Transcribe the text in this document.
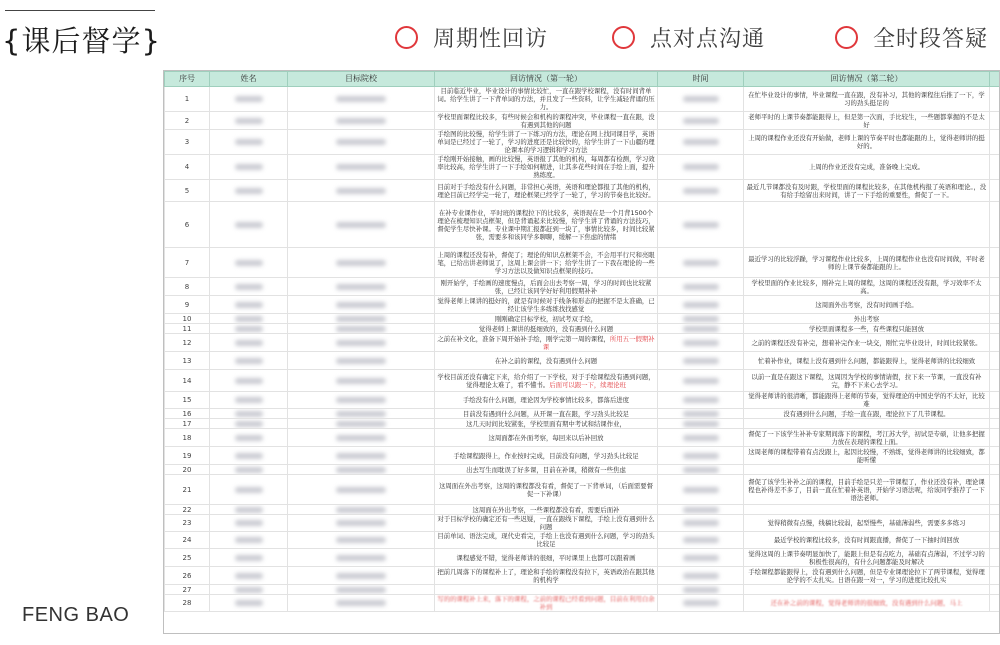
{课后督学}
FENG BAO
周期性回访	点对点沟通	全时段答疑
序号	姓名	目标院校	回访情况（第一轮）	时间	回访情况（第二轮）	
1			目前临近毕业，毕业设计的事情比较忙，一直在跟学校课程，没有时间背单词。给学生讲了一下背单词的方法，并且发了一些资料，让学生减轻背诵的压力。		在忙毕业设计的事情，毕业课程一直在跟，没有补习，其他的课程往后推了一下，学习的劲头挺足的	
2			学校里面课程比较多，有些时候会和机构的课程冲突，毕业课程一直在跟，没有遇到其他的问题		老师平时的上课节奏都能跟得上，但是第一次面，手比较生，一些题都掌握的不是太好	
3			手绘图的比较慢，给学生讲了一下练习的方法，理论在网上找同课目学，英语单词是已经过了一轮了，学习的进度还是比较快的，给学生讲了一下山疆的理论课本的学习逻辑和学习方法		上周的课程作业还没有开始做，老师上课的节奏平时也都能跟的上，觉得老师讲的挺好的。	
4			手绘刚开始接触，画的比较慢，英语报了其他的机构，每周都有检测，学习效率比较高，给学生讲了一下手绘如何精进，让其多花些时间在手绘上面，提升熟练度。		上周的作业还没有完成，准备晚上完成。	
5			目前对于手绘没有什么问题，非常担心英语，英语和理论都报了其他的机构，理论目前已经学完一轮了，理论框架已经学了一轮了，学习的节奏也比较好。		最近几节课都没有及时跟，学校里面的课程比较多，在其他机构报了英语和理论。，没有给手绘留出来时间，讲了一下手绘的重要性，督促了一下。	
6			在补专业课作业，平时班的课程拉下的比较多，英语现在是一个月背1500个理论在梳理知识点框架，但是背诵起来比较慢，给学生讲了背诵的方法技巧，督促学生尽快补课。专业课中期汇报都赶到一块了，事情比较多，时间比较紧张，需要多和该同学多聊聊，缓解一下焦虑的情绪	

7			上周的课程还没有补，督促了；理论的知识点框架不会，不会用平行尺和亮眼笔，已给出讲老师说了，这周上课会讲一下；给学生讲了一下我在理论的一些学习方法以及做知识点框架的技巧。		最近学习的比较浮躁，学习课程作业比较多，上周的课程作业也没有时间做，平时老师的上课节奏都能跟的上。	
8			刚开始学，手绘画的速度慢点，后面会出去考察一周，学习的时间也比较紧张，已经让该同学好好利用假期补补		学校里面的作业比较多，刚补完上周的课程，这周的课程还没有跟，学习效率不太高。	
9			觉得老师上课讲的挺好的，就是有时候对于线条和形态的把握不是太准确，已经让该学生多练练找找感觉		这周面外出考察，没有时间画手绘。	
10			刚刚确定目标学校，初试考双手绘，		外出考察	
11			觉得老师上课讲的挺细致的，没有遇到什么问题		学校里面课程多一些，有些课程只能回放	
12			之前在补文化，准备下周开始补手绘，刚学完第一周的课程，所用五一假期补课		之前的课程还没有补完，想着补完作业一块交，刚忙完毕业设计，时间比较紧张。	
13			在补之前的课程，没有遇到什么问题		忙着补作业，课程上没有遇到什么问题，都能跟得上，觉得老师讲的比较细致	
14			学校目前还没有确定下来，给介绍了一下学校，对于手绘课程没有遇到问题，觉得理论太难了，看不懂书。后面可以跟一下，续理论班		以前一直是在跟这下课程，这周因为学校的事情请假，拉下来一节课，一直没有补完，静不下来心去学习。	
15			手绘没有什么问题，理论因为学校事情比较多，都落后进度		觉得老师讲的很清晰，都能跟得上老师的节奏，觉得理论的中国史学的不太好，比较难	
16			目前没有遇到什么问题，从开课一直在跟，学习劲头比较足		没有遇到什么问题，手绘一直在跟，理论拉下了几节课程。	
17			这几天时间比较紧张，学校里面有期中考试和结课作业，	

18			这周面都在外面考察，每回来以后补回放		督促了一下该学生补补专家期间落下的课程，考江苏大学，初试是专硕，让他多把握力放在表现的课程上面。	
19			手绘课程跟得上，作业按时完成，目前没有问题，学习劲头比较足		这周老师的课程带着有点没跟上，起因比较慢，不熟练，觉得老师讲的比较细致，都能听懂	
20			出去写生而耽误了好多课，目前在补课，稍微有一些焦虑	

21			这周面在外出考察，这周的课程都没有看，督促了一下背单词，（后面需要督促一下补课）		督促了该学生补补之前的课程，目前手绘是只差一节课程了，作业还没有补，理论课程也补得差不多了，目前一直在忙着补英语，开始学习语法呢，给该同学推荐了一下语法老师。	
22			这周面在外出考察，一些课程都没有看，需要后面补	

23			对于目标学校的确定还有一些迟疑，一直在跟线下课程，手绘上没有遇到什么问题		觉得稍微有点慢，线稿比较弱，起型慢些，基础薄弱些，需要多多练习	
24			目前单词、语法完成，现代史看完，手绘上也没有遇到什么问题，学习的劲头比较足		最近学校的课程比较多，没有时间跟直播，督促了一下抽时间回放	
25			课程感觉不错，觉得老师讲的很细，平时课里上也都可以跟着画		觉得这周的上课节奏明显加快了，能跟上但是有点吃力，基础有点薄弱，不过学习的积极性很高的，有什么问题都能及时解决	
26			把前几周落下的课程补上了，理论和手绘的课程没有拉下，英语政治在跟其他的机构学		手绘课程都能跟得上，没有遇到什么问题，但是专业课理论拉下了两节课程，觉得理论学的不太扎实。日语在跟一对一，学习的进度比较扎实	
27	

28			写的的课程补上来，落下的课程，之前的课程已经看到问题，目前在利用白余补到		还在补之前的课程，觉得老师讲的很细致，没有遇到什么问题，马上	
